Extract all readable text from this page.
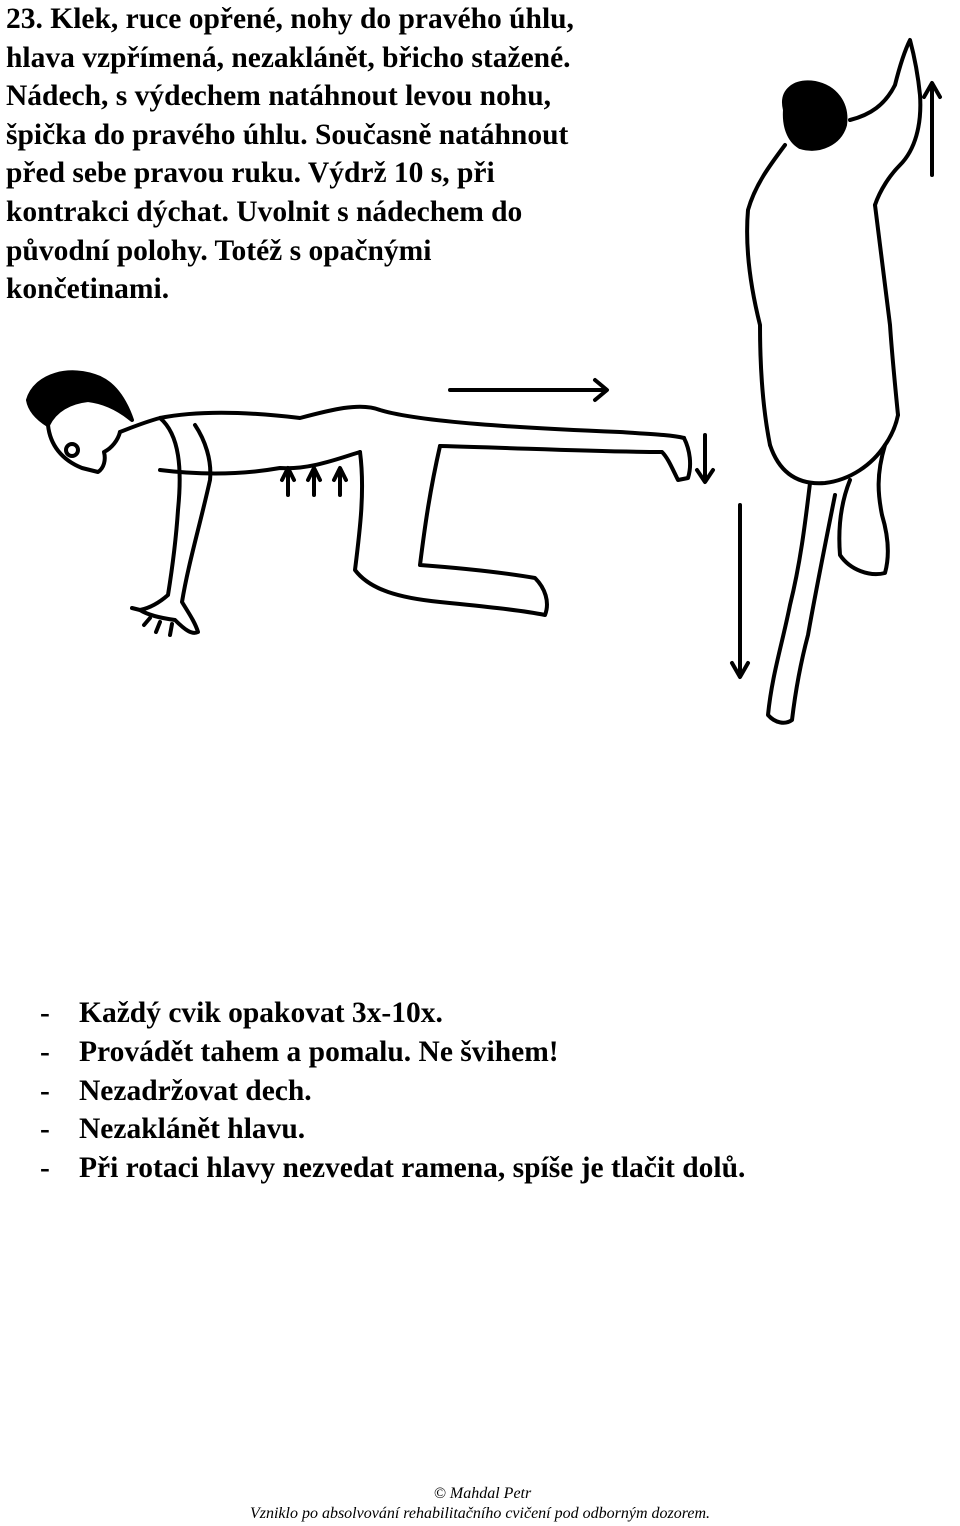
23. Klek, ruce opřené, nohy do pravého úhlu,
hlava vzpřímená, nezaklánět, břicho stažené.
Nádech, s výdechem natáhnout levou nohu,
špička do pravého úhlu. Současně natáhnout
před sebe pravou ruku. Výdrž 10 s, při
kontrakci dýchat. Uvolnit s nádechem do
původní polohy. Totéž s opačnými
končetinami.
- Každý cvik opakovat 3x-10x.
- Provádět tahem a pomalu. Ne švihem!
- Nezadržovat dech.
- Nezaklánět hlavu.
- Při rotaci hlavy nezvedat ramena, spíše je tlačit dolů.
© Mahdal Petr
Vzniklo po absolvování rehabilitačního cvičení pod odborným dozorem.
